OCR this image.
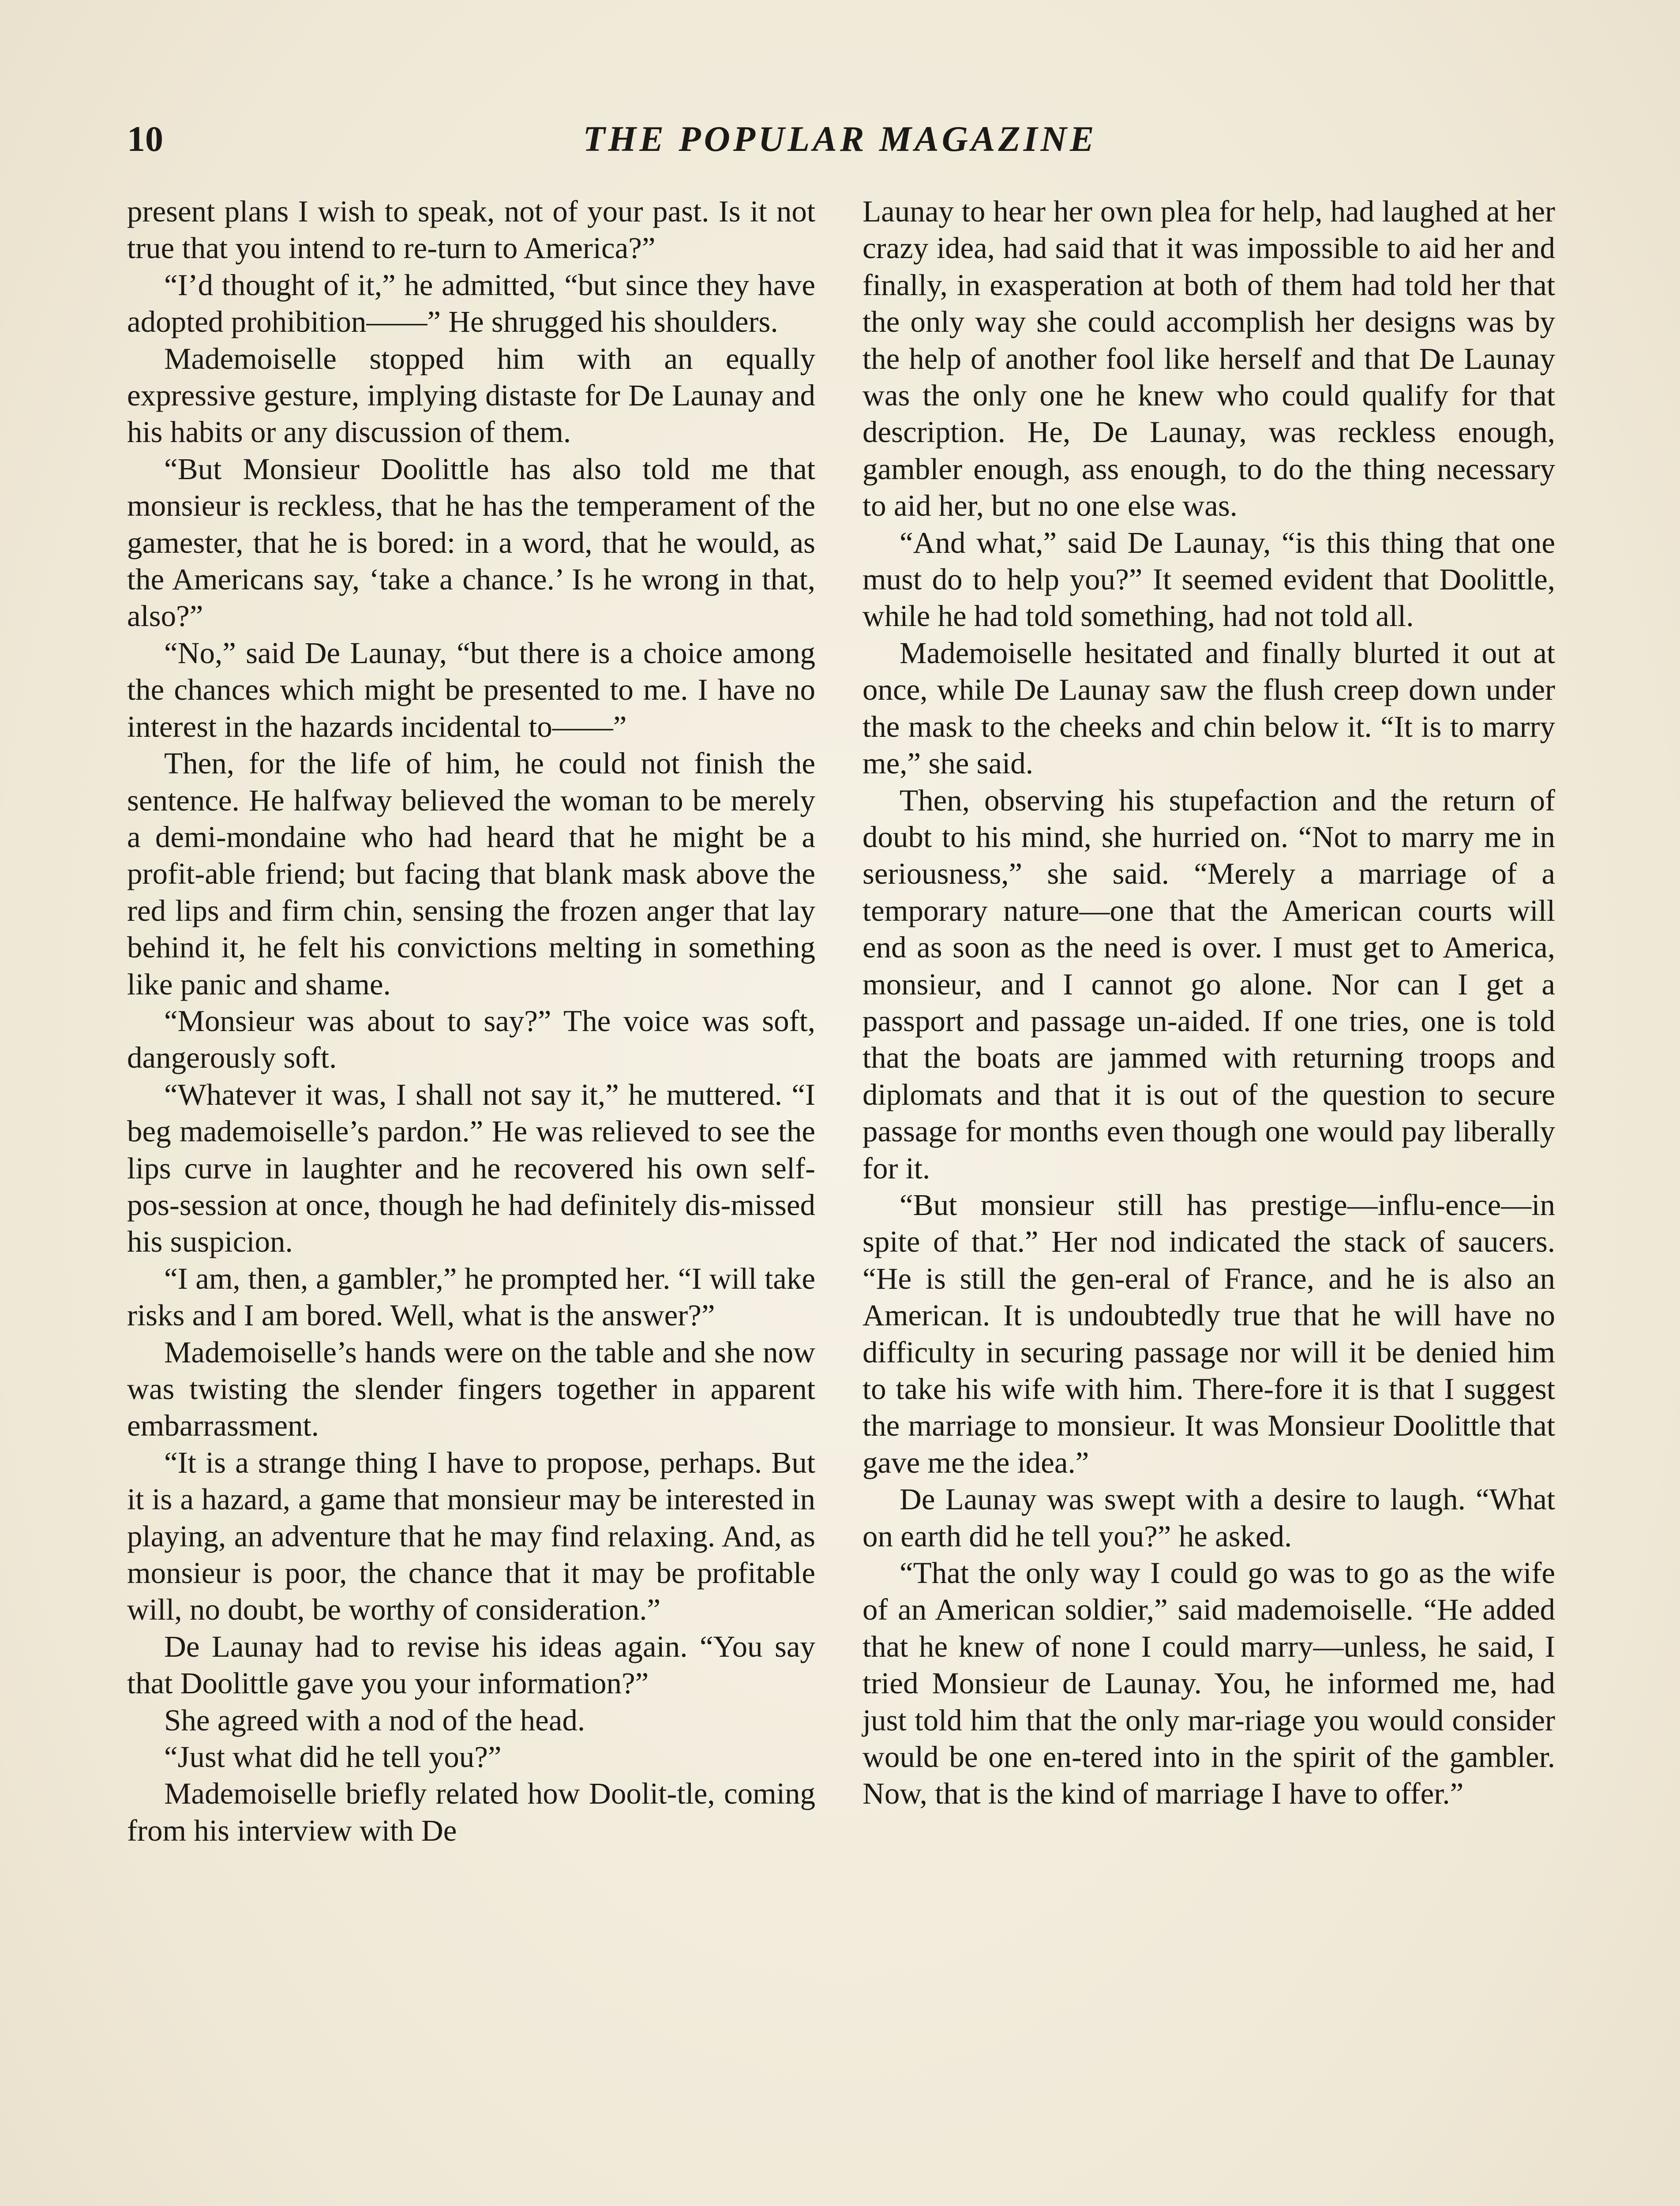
10	THE POPULAR MAGAZINE

present plans I wish to speak, not of your past. Is it not true that you intend to re-turn to America?”

“I’d thought of it,” he admitted, “but since they have adopted prohibition——” He shrugged his shoulders.

Mademoiselle stopped him with an equally expressive gesture, implying distaste for De Launay and his habits or any discussion of them.

“But Monsieur Doolittle has also told me that monsieur is reckless, that he has the temperament of the gamester, that he is bored: in a word, that he would, as the Americans say, ‘take a chance.’ Is he wrong in that, also?”

“No,” said De Launay, “but there is a choice among the chances which might be presented to me. I have no interest in the hazards incidental to——”

Then, for the life of him, he could not finish the sentence. He halfway believed the woman to be merely a demi-mondaine who had heard that he might be a profit-able friend; but facing that blank mask above the red lips and firm chin, sensing the frozen anger that lay behind it, he felt his convictions melting in something like panic and shame.

“Monsieur was about to say?” The voice was soft, dangerously soft.

“Whatever it was, I shall not say it,” he muttered. “I beg mademoiselle’s pardon.” He was relieved to see the lips curve in laughter and he recovered his own self-pos-session at once, though he had definitely dis-missed his suspicion.

“I am, then, a gambler,” he prompted her. “I will take risks and I am bored. Well, what is the answer?”

Mademoiselle’s hands were on the table and she now was twisting the slender fingers together in apparent embarrassment.

“It is a strange thing I have to propose, perhaps. But it is a hazard, a game that monsieur may be interested in playing, an adventure that he may find relaxing. And, as monsieur is poor, the chance that it may be profitable will, no doubt, be worthy of consideration.”

De Launay had to revise his ideas again. “You say that Doolittle gave you your information?”

She agreed with a nod of the head.

“Just what did he tell you?”

Mademoiselle briefly related how Doolit-tle, coming from his interview with De

Launay to hear her own plea for help, had laughed at her crazy idea, had said that it was impossible to aid her and finally, in exasperation at both of them had told her that the only way she could accomplish her designs was by the help of another fool like herself and that De Launay was the only one he knew who could qualify for that description. He, De Launay, was reckless enough, gambler enough, ass enough, to do the thing necessary to aid her, but no one else was.

“And what,” said De Launay, “is this thing that one must do to help you?” It seemed evident that Doolittle, while he had told something, had not told all.

Mademoiselle hesitated and finally blurted it out at once, while De Launay saw the flush creep down under the mask to the cheeks and chin below it. “It is to marry me,” she said.

Then, observing his stupefaction and the return of doubt to his mind, she hurried on. “Not to marry me in seriousness,” she said. “Merely a marriage of a temporary nature—one that the American courts will end as soon as the need is over. I must get to America, monsieur, and I cannot go alone. Nor can I get a passport and passage un-aided. If one tries, one is told that the boats are jammed with returning troops and diplomats and that it is out of the question to secure passage for months even though one would pay liberally for it.

“But monsieur still has prestige—influ-ence—in spite of that.” Her nod indicated the stack of saucers. “He is still the gen-eral of France, and he is also an American. It is undoubtedly true that he will have no difficulty in securing passage nor will it be denied him to take his wife with him. There-fore it is that I suggest the marriage to monsieur. It was Monsieur Doolittle that gave me the idea.”

De Launay was swept with a desire to laugh. “What on earth did he tell you?” he asked.

“That the only way I could go was to go as the wife of an American soldier,” said mademoiselle. “He added that he knew of none I could marry—unless, he said, I tried Monsieur de Launay. You, he informed me, had just told him that the only mar-riage you would consider would be one en-tered into in the spirit of the gambler. Now, that is the kind of marriage I have to offer.”
